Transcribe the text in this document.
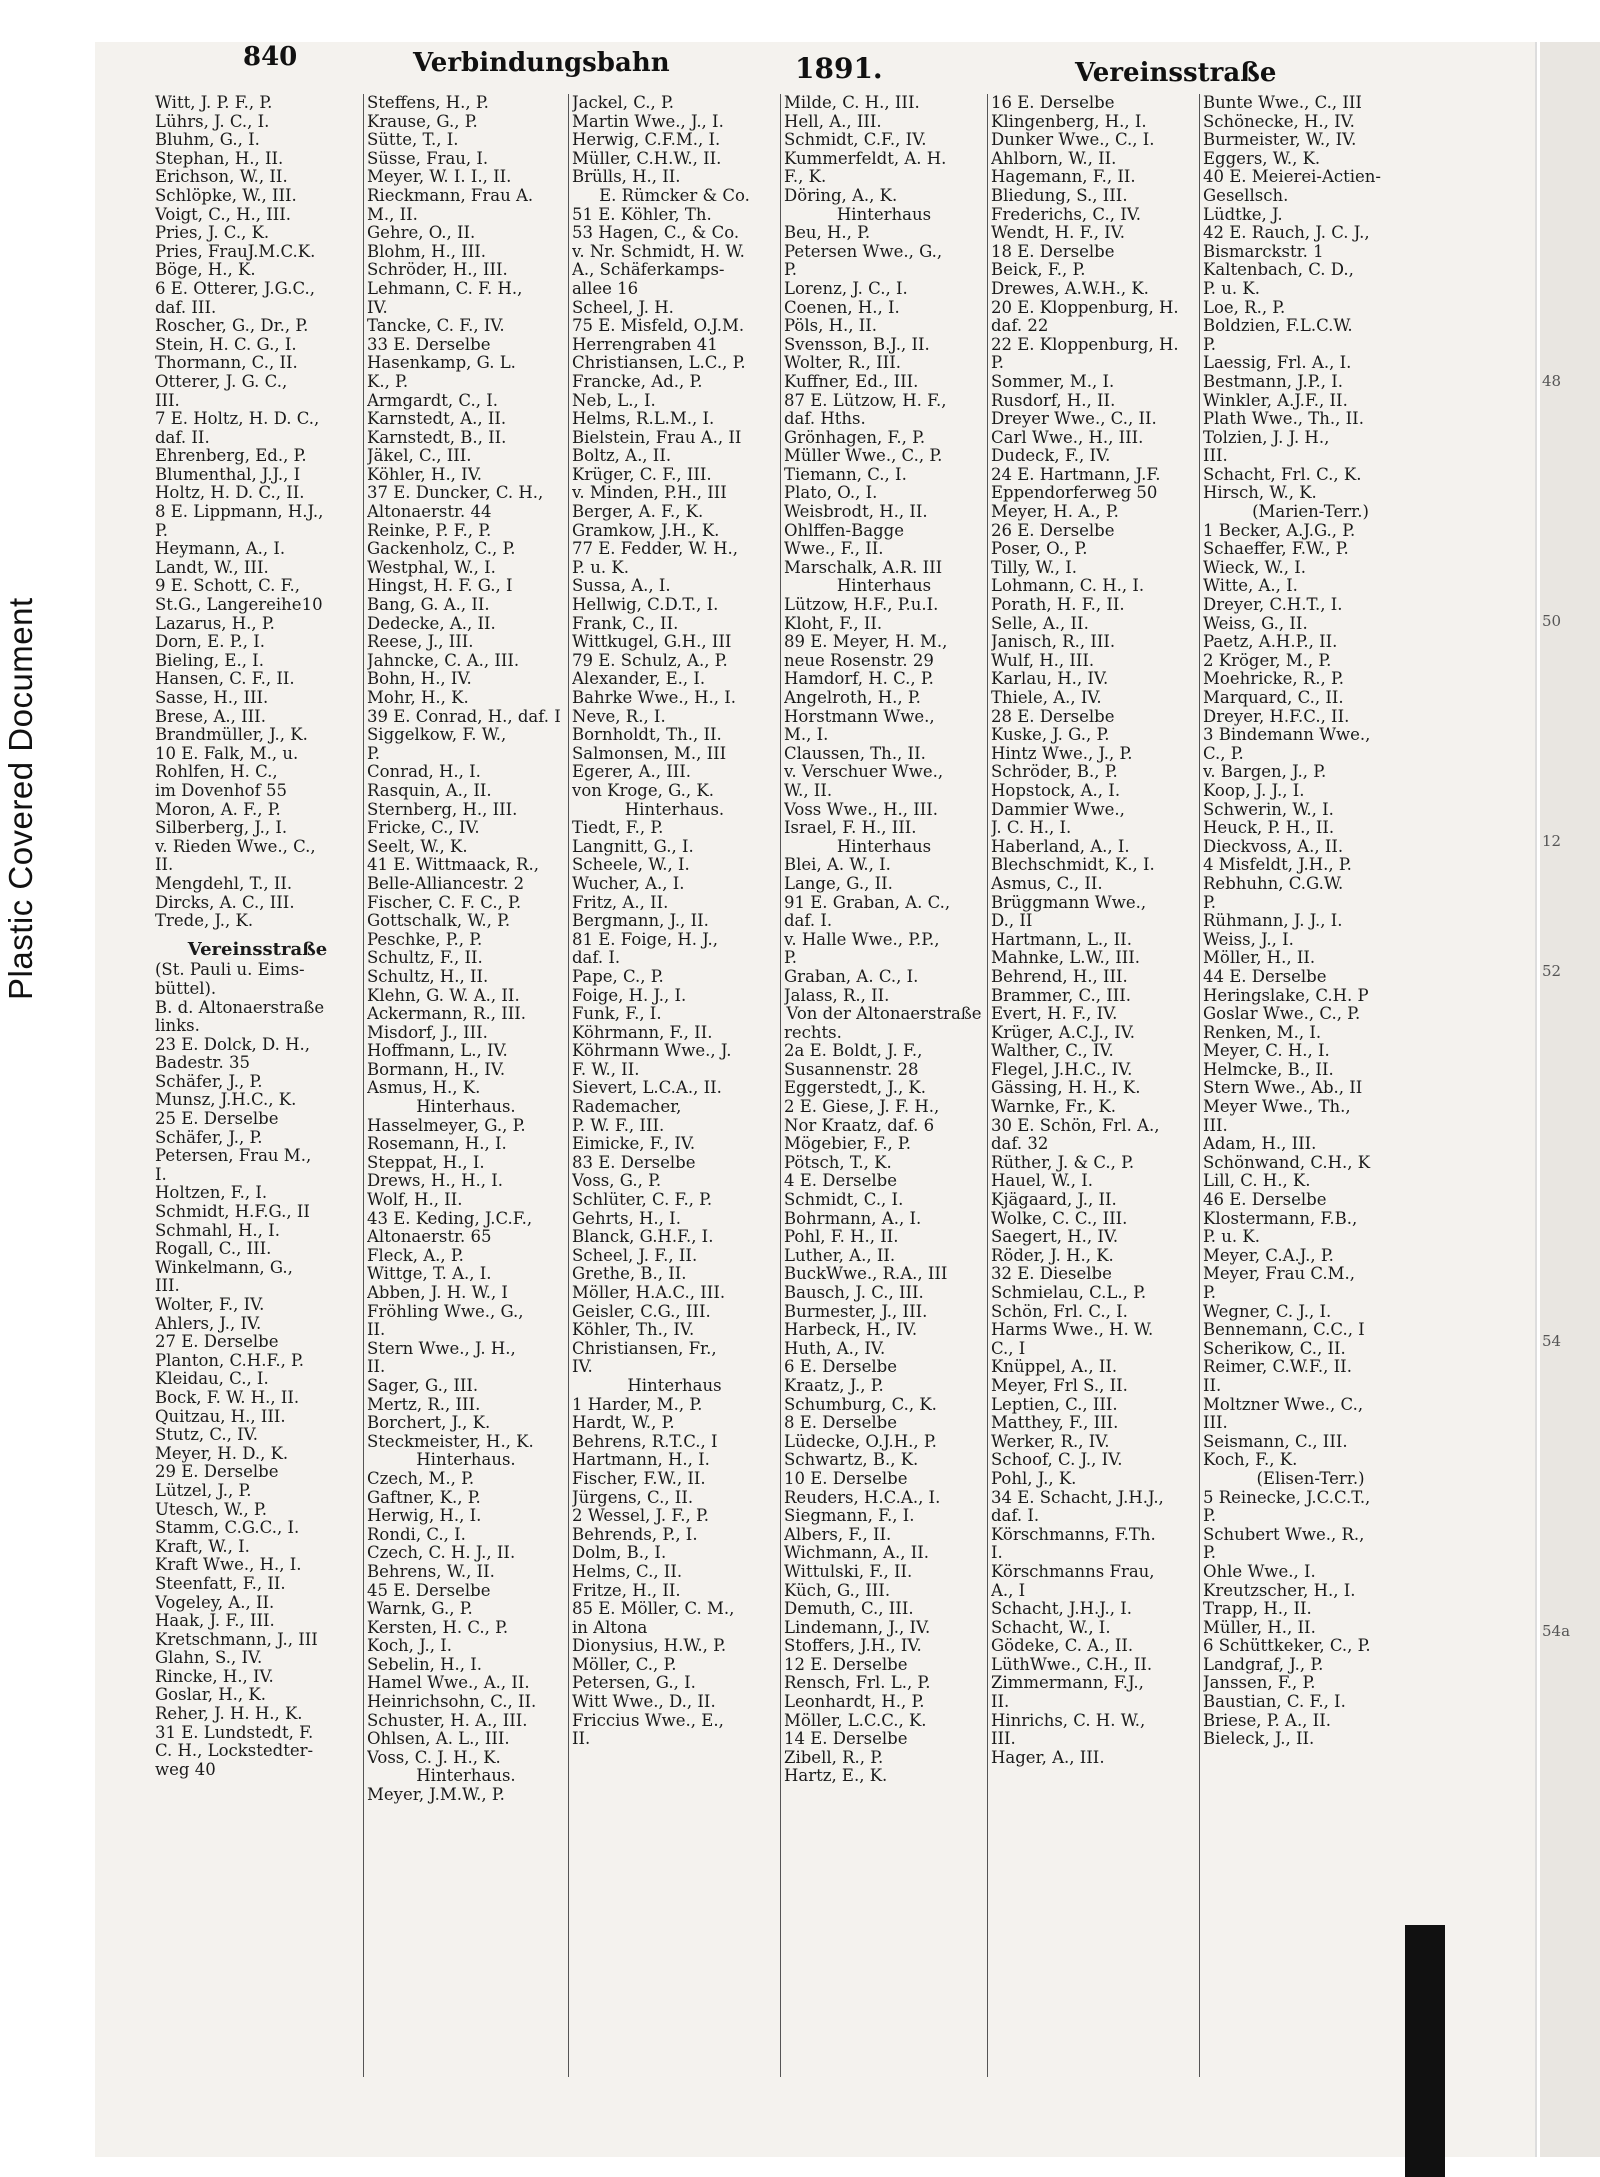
Plastic Covered Document
840	Verbindungsbahn	1891.	Vereinsstraße
Witt, J. P. F., P.
Lührs, J. C., I.
Bluhm, G., I.
Stephan, H., II.
Erichson, W., II.
Schlöpke, W., III.
Voigt, C., H., III.
Pries, J. C., K.
Pries, FrauJ.M.C.K.
Böge, H., K.
6 E. Otterer, J.G.C.,
daf. III.
Roscher, G., Dr., P.
Stein, H. C. G., I.
Thormann, C., II.
Otterer, J. G. C.,
III.
7 E. Holtz, H. D. C.,
daf. II.
Ehrenberg, Ed., P.
Blumenthal, J.J., I
Holtz, H. D. C., II.
8 E. Lippmann, H.J.,
P.
Heymann, A., I.
Landt, W., III.
9 E. Schott, C. F.,
St.G., Langereihe10
Lazarus, H., P.
Dorn, E. P., I.
Bieling, E., I.
Hansen, C. F., II.
Sasse, H., III.
Brese, A., III.
Brandmüller, J., K.
10 E. Falk, M., u.
Rohlfen, H. C.,
im Dovenhof 55
Moron, A. F., P.
Silberberg, J., I.
v. Rieden Wwe., C.,
II.
Mengdehl, T., II.
Dircks, A. C., III.
Trede, J., K.
Vereinsstraße
(St. Pauli u. Eims-
büttel).
B. d. Altonaerstraße
links.
23 E. Dolck, D. H.,
Badestr. 35
Schäfer, J., P.
Munsz, J.H.C., K.
25 E. Derselbe
Schäfer, J., P.
Petersen, Frau M.,
I.
Holtzen, F., I.
Schmidt, H.F.G., II
Schmahl, H., I.
Rogall, C., III.
Winkelmann, G.,
III.
Wolter, F., IV.
Ahlers, J., IV.
27 E. Derselbe
Planton, C.H.F., P.
Kleidau, C., I.
Bock, F. W. H., II.
Quitzau, H., III.
Stutz, C., IV.
Meyer, H. D., K.
29 E. Derselbe
Lützel, J., P.
Utesch, W., P.
Stamm, C.G.C., I.
Kraft, W., I.
Kraft Wwe., H., I.
Steenfatt, F., II.
Vogeley, A., II.
Haak, J. F., III.
Kretschmann, J., III
Glahn, S., IV.
Rincke, H., IV.
Goslar, H., K.
Reher, J. H. H., K.
31 E. Lundstedt, F.
C. H., Lockstedter-
weg 40
Steffens, H., P.
Krause, G., P.
Sütte, T., I.
Süsse, Frau, I.
Meyer, W. I. I., II.
Rieckmann, Frau A.
M., II.
Gehre, O., II.
Blohm, H., III.
Schröder, H., III.
Lehmann, C. F. H.,
IV.
Tancke, C. F., IV.
33 E. Derselbe
Hasenkamp, G. L.
K., P.
Armgardt, C., I.
Karnstedt, A., II.
Karnstedt, B., II.
Jäkel, C., III.
Köhler, H., IV.
37 E. Duncker, C. H.,
Altonaerstr. 44
Reinke, P. F., P.
Gackenholz, C., P.
Westphal, W., I.
Hingst, H. F. G., I
Bang, G. A., II.
Dedecke, A., II.
Reese, J., III.
Jahncke, C. A., III.
Bohn, H., IV.
Mohr, H., K.
39 E. Conrad, H., daf. I
Siggelkow, F. W.,
P.
Conrad, H., I.
Rasquin, A., II.
Sternberg, H., III.
Fricke, C., IV.
Seelt, W., K.
41 E. Wittmaack, R.,
Belle-Alliancestr. 2
Fischer, C. F. C., P.
Gottschalk, W., P.
Peschke, P., P.
Schultz, F., II.
Schultz, H., II.
Klehn, G. W. A., II.
Ackermann, R., III.
Misdorf, J., III.
Hoffmann, L., IV.
Bormann, H., IV.
Asmus, H., K.
Hinterhaus.
Hasselmeyer, G., P.
Rosemann, H., I.
Steppat, H., I.
Drews, H., H., I.
Wolf, H., II.
43 E. Keding, J.C.F.,
Altonaerstr. 65
Fleck, A., P.
Wittge, T. A., I.
Abben, J. H. W., I
Fröhling Wwe., G.,
II.
Stern Wwe., J. H.,
II.
Sager, G., III.
Mertz, R., III.
Borchert, J., K.
Steckmeister, H., K.
Hinterhaus.
Czech, M., P.
Gaftner, K., P.
Herwig, H., I.
Rondi, C., I.
Czech, C. H. J., II.
Behrens, W., II.
45 E. Derselbe
Warnk, G., P.
Kersten, H. C., P.
Koch, J., I.
Sebelin, H., I.
Hamel Wwe., A., II.
Heinrichsohn, C., II.
Schuster, H. A., III.
Ohlsen, A. L., III.
Voss, C. J. H., K.
Hinterhaus.
Meyer, J.M.W., P.
Jackel, C., P.
Martin Wwe., J., I.
Herwig, C.F.M., I.
Müller, C.H.W., II.
Brülls, H., II.
E. Rümcker & Co.
51 E. Köhler, Th.
53 Hagen, C., & Co.
v. Nr. Schmidt, H. W.
A., Schäferkamps-
allee 16
Scheel, J. H.
75 E. Misfeld, O.J.M.
Herrengraben 41
Christiansen, L.C., P.
Francke, Ad., P.
Neb, L., I.
Helms, R.L.M., I.
Bielstein, Frau A., II
Boltz, A., II.
Krüger, C. F., III.
v. Minden, P.H., III
Berger, A. F., K.
Gramkow, J.H., K.
77 E. Fedder, W. H.,
P. u. K.
Sussa, A., I.
Hellwig, C.D.T., I.
Frank, C., II.
Wittkugel, G.H., III
79 E. Schulz, A., P.
Alexander, E., I.
Bahrke Wwe., H., I.
Neve, R., I.
Bornholdt, Th., II.
Salmonsen, M., III
Egerer, A., III.
von Kroge, G., K.
Hinterhaus.
Tiedt, F., P.
Langnitt, G., I.
Scheele, W., I.
Wucher, A., I.
Fritz, A., II.
Bergmann, J., II.
81 E. Foige, H. J.,
daf. I.
Pape, C., P.
Foige, H. J., I.
Funk, F., I.
Köhrmann, F., II.
Köhrmann Wwe., J.
F. W., II.
Sievert, L.C.A., II.
Rademacher,
P. W. F., III.
Eimicke, F., IV.
83 E. Derselbe
Voss, G., P.
Schlüter, C. F., P.
Gehrts, H., I.
Blanck, G.H.F., I.
Scheel, J. F., II.
Grethe, B., II.
Möller, H.A.C., III.
Geisler, C.G., III.
Köhler, Th., IV.
Christiansen, Fr.,
IV.
Hinterhaus
1 Harder, M., P.
Hardt, W., P.
Behrens, R.T.C., I
Hartmann, H., I.
Fischer, F.W., II.
Jürgens, C., II.
2 Wessel, J. F., P.
Behrends, P., I.
Dolm, B., I.
Helms, C., II.
Fritze, H., II.
85 E. Möller, C. M.,
in Altona
Dionysius, H.W., P.
Möller, C., P.
Petersen, G., I.
Witt Wwe., D., II.
Friccius Wwe., E.,
II.
Milde, C. H., III.
Hell, A., III.
Schmidt, C.F., IV.
Kummerfeldt, A. H.
F., K.
Döring, A., K.
Hinterhaus
Beu, H., P.
Petersen Wwe., G.,
P.
Lorenz, J. C., I.
Coenen, H., I.
Pöls, H., II.
Svensson, B.J., II.
Wolter, R., III.
Kuffner, Ed., III.
87 E. Lützow, H. F.,
daf. Hths.
Grönhagen, F., P.
Müller Wwe., C., P.
Tiemann, C., I.
Plato, O., I.
Weisbrodt, H., II.
Ohlffen-Bagge
Wwe., F., II.
Marschalk, A.R. III
Hinterhaus
Lützow, H.F., P.u.I.
Kloht, F., II.
89 E. Meyer, H. M.,
neue Rosenstr. 29
Hamdorf, H. C., P.
Angelroth, H., P.
Horstmann Wwe.,
M., I.
Claussen, Th., II.
v. Verschuer Wwe.,
W., II.
Voss Wwe., H., III.
Israel, F. H., III.
Hinterhaus
Blei, A. W., I.
Lange, G., II.
91 E. Graban, A. C.,
daf. I.
v. Halle Wwe., P.P.,
P.
Graban, A. C., I.
Jalass, R., II.
Von der Altonaerstraße
rechts.
2a E. Boldt, J. F.,
Susannenstr. 28
Eggerstedt, J., K.
2 E. Giese, J. F. H.,
Nor Kraatz, daf. 6
Mögebier, F., P.
Pötsch, T., K.
4 E. Derselbe
Schmidt, C., I.
Bohrmann, A., I.
Pohl, F. H., II.
Luther, A., II.
BuckWwe., R.A., III
Bausch, J. C., III.
Burmester, J., III.
Harbeck, H., IV.
Huth, A., IV.
6 E. Derselbe
Kraatz, J., P.
Schumburg, C., K.
8 E. Derselbe
Lüdecke, O.J.H., P.
Schwartz, B., K.
10 E. Derselbe
Reuders, H.C.A., I.
Siegmann, F., I.
Albers, F., II.
Wichmann, A., II.
Wittulski, F., II.
Küch, G., III.
Demuth, C., III.
Lindemann, J., IV.
Stoffers, J.H., IV.
12 E. Derselbe
Rensch, Frl. L., P.
Leonhardt, H., P.
Möller, L.C.C., K.
14 E. Derselbe
Zibell, R., P.
Hartz, E., K.
16 E. Derselbe
Klingenberg, H., I.
Dunker Wwe., C., I.
Ahlborn, W., II.
Hagemann, F., II.
Bliedung, S., III.
Frederichs, C., IV.
Wendt, H. F., IV.
18 E. Derselbe
Beick, F., P.
Drewes, A.W.H., K.
20 E. Kloppenburg, H.
daf. 22
22 E. Kloppenburg, H.
P.
Sommer, M., I.
Rusdorf, H., II.
Dreyer Wwe., C., II.
Carl Wwe., H., III.
Dudeck, F., IV.
24 E. Hartmann, J.F.
Eppendorferweg 50
Meyer, H. A., P.
26 E. Derselbe
Poser, O., P.
Tilly, W., I.
Lohmann, C. H., I.
Porath, H. F., II.
Selle, A., II.
Janisch, R., III.
Wulf, H., III.
Karlau, H., IV.
Thiele, A., IV.
28 E. Derselbe
Kuske, J. G., P.
Hintz Wwe., J., P.
Schröder, B., P.
Hopstock, A., I.
Dammier Wwe.,
J. C. H., I.
Haberland, A., I.
Blechschmidt, K., I.
Asmus, C., II.
Brüggmann Wwe.,
D., II
Hartmann, L., II.
Mahnke, L.W., III.
Behrend, H., III.
Brammer, C., III.
Evert, H. F., IV.
Krüger, A.C.J., IV.
Walther, C., IV.
Flegel, J.H.C., IV.
Gässing, H. H., K.
Warnke, Fr., K.
30 E. Schön, Frl. A.,
daf. 32
Rüther, J. & C., P.
Hauel, W., I.
Kjägaard, J., II.
Wolke, C. C., III.
Saegert, H., IV.
Röder, J. H., K.
32 E. Dieselbe
Schmielau, C.L., P.
Schön, Frl. C., I.
Harms Wwe., H. W.
C., I
Knüppel, A., II.
Meyer, Frl S., II.
Leptien, C., III.
Matthey, F., III.
Werker, R., IV.
Schoof, C. J., IV.
Pohl, J., K.
34 E. Schacht, J.H.J.,
daf. I.
Körschmanns, F.Th.
I.
Körschmanns Frau,
A., I
Schacht, J.H.J., I.
Schacht, W., I.
Gödeke, C. A., II.
LüthWwe., C.H., II.
Zimmermann, F.J.,
II.
Hinrichs, C. H. W.,
III.
Hager, A., III.
Bunte Wwe., C., III
Schönecke, H., IV.
Burmeister, W., IV.
Eggers, W., K.
40 E. Meierei-Actien-
Gesellsch.
Lüdtke, J.
42 E. Rauch, J. C. J.,
Bismarckstr. 1
Kaltenbach, C. D.,
P. u. K.
Loe, R., P.
Boldzien, F.L.C.W.
P.
Laessig, Frl. A., I.
Bestmann, J.P., I.
Winkler, A.J.F., II.
Plath Wwe., Th., II.
Tolzien, J. J. H.,
III.
Schacht, Frl. C., K.
Hirsch, W., K.
(Marien-Terr.)
1 Becker, A.J.G., P.
Schaeffer, F.W., P.
Wieck, W., I.
Witte, A., I.
Dreyer, C.H.T., I.
Weiss, G., II.
Paetz, A.H.P., II.
2 Kröger, M., P.
Moehricke, R., P.
Marquard, C., II.
Dreyer, H.F.C., II.
3 Bindemann Wwe.,
C., P.
v. Bargen, J., P.
Koop, J. J., I.
Schwerin, W., I.
Heuck, P. H., II.
Dieckvoss, A., II.
4 Misfeldt, J.H., P.
Rebhuhn, C.G.W.
P.
Rühmann, J. J., I.
Weiss, J., I.
Möller, H., II.
44 E. Derselbe
Heringslake, C.H. P
Goslar Wwe., C., P.
Renken, M., I.
Meyer, C. H., I.
Helmcke, B., II.
Stern Wwe., Ab., II
Meyer Wwe., Th.,
III.
Adam, H., III.
Schönwand, C.H., K
Lill, C. H., K.
46 E. Derselbe
Klostermann, F.B.,
P. u. K.
Meyer, C.A.J., P.
Meyer, Frau C.M.,
P.
Wegner, C. J., I.
Bennemann, C.C., I
Scherikow, C., II.
Reimer, C.W.F., II.
II.
Moltzner Wwe., C.,
III.
Seismann, C., III.
Koch, F., K.
(Elisen-Terr.)
5 Reinecke, J.C.C.T.,
P.
Schubert Wwe., R.,
P.
Ohle Wwe., I.
Kreutzscher, H., I.
Trapp, H., II.
Müller, H., II.
6 Schüttkeker, C., P.
Landgraf, J., P.
Janssen, F., P.
Baustian, C. F., I.
Briese, P. A., II.
Bieleck, J., II.
48
50
12
52
54
54a
